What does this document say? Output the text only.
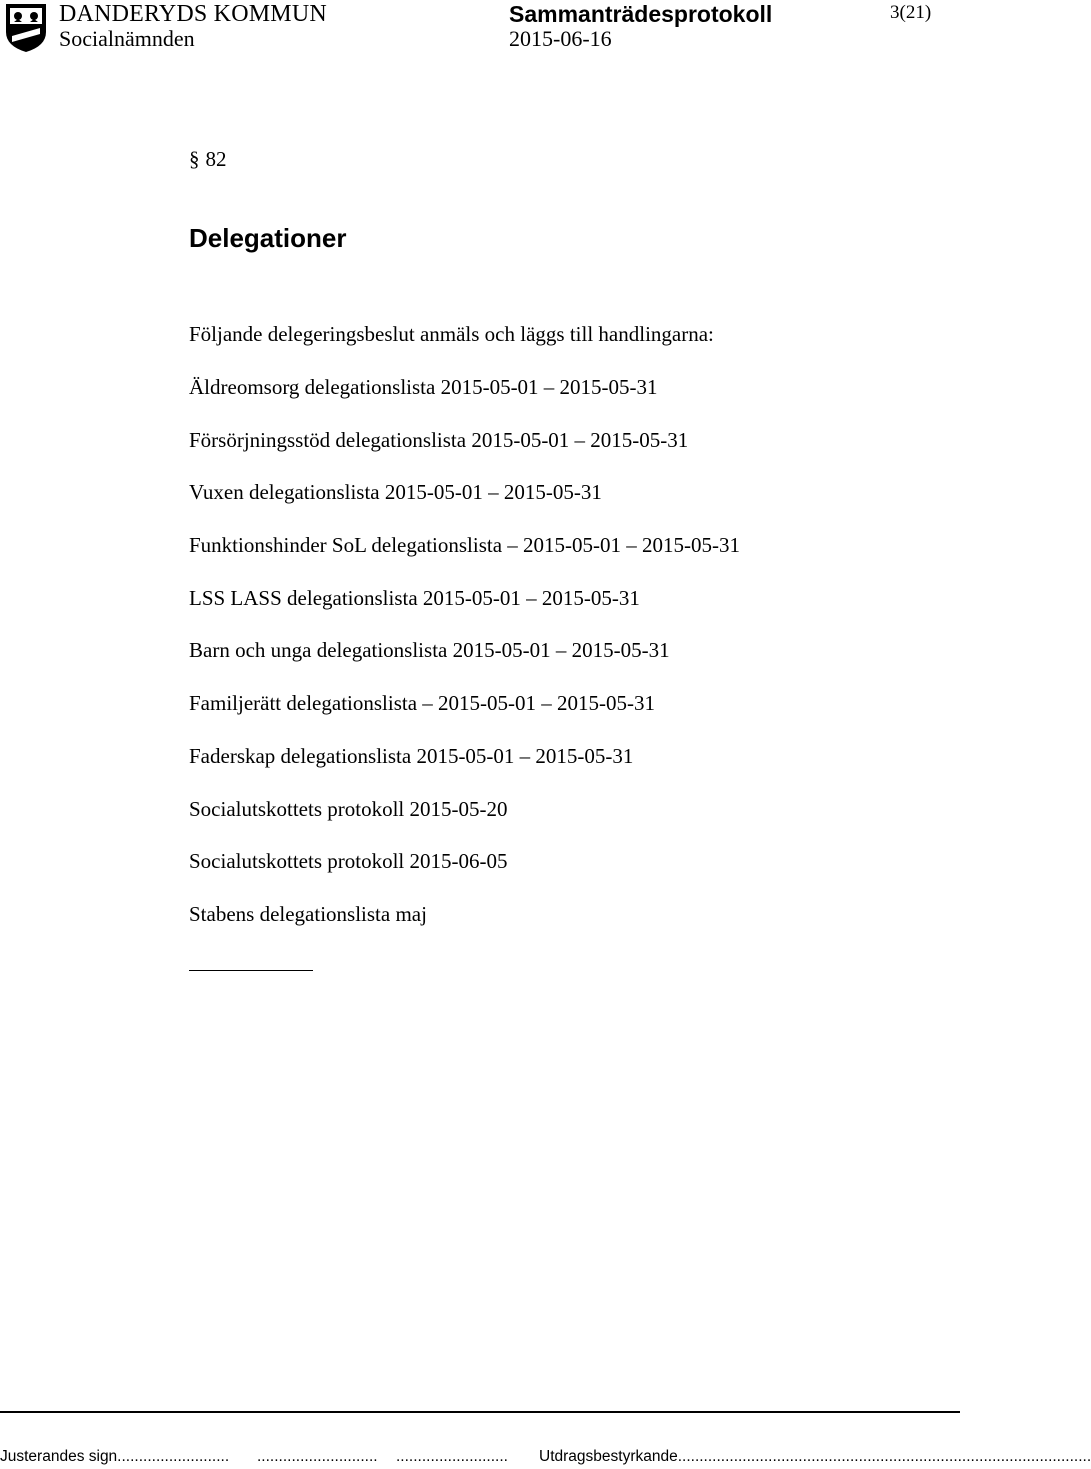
DANDERYDS KOMMUN
Socialnämnden
Sammanträdesprotokoll
2015-06-16
3(21)
§ 82
Delegationer
Följande delegeringsbeslut anmäls och läggs till handlingarna:
Äldreomsorg delegationslista 2015-05-01 – 2015-05-31
Försörjningsstöd delegationslista 2015-05-01 – 2015-05-31
Vuxen delegationslista 2015-05-01 – 2015-05-31
Funktionshinder SoL delegationslista – 2015-05-01 – 2015-05-31
LSS LASS delegationslista 2015-05-01 – 2015-05-31
Barn och unga delegationslista 2015-05-01 – 2015-05-31
Familjerätt delegationslista – 2015-05-01 – 2015-05-31
Faderskap delegationslista 2015-05-01 – 2015-05-31
Socialutskottets protokoll 2015-05-20
Socialutskottets protokoll 2015-06-05
Stabens delegationslista maj
Justerandes sign.......................... ............................ .......................... Utdragsbestyrkande................................................................................................
